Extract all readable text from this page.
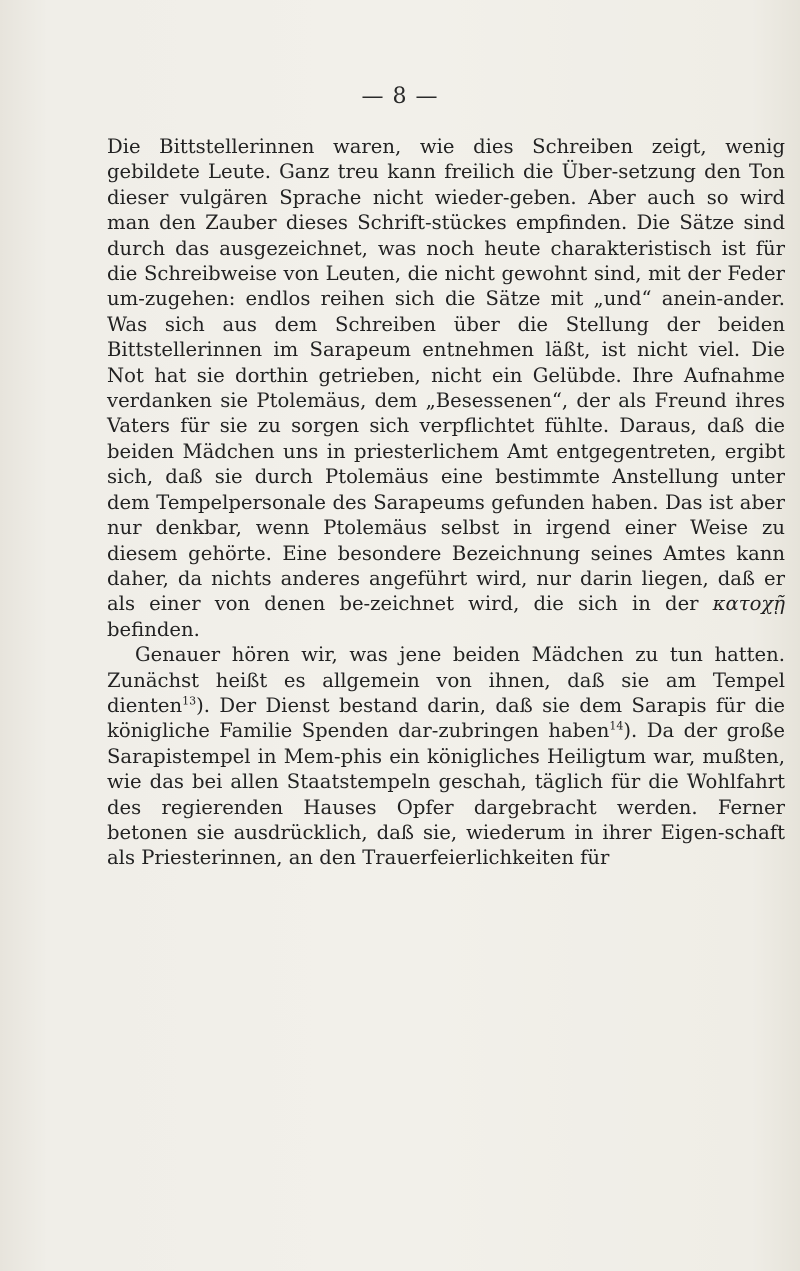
— 8 —

Die Bittstellerinnen waren, wie dies Schreiben zeigt, wenig gebildete Leute. Ganz treu kann freilich die Über-setzung den Ton dieser vulgären Sprache nicht wieder-geben. Aber auch so wird man den Zauber dieses Schrift-stückes empfinden. Die Sätze sind durch das ausgezeichnet, was noch heute charakteristisch ist für die Schreibweise von Leuten, die nicht gewohnt sind, mit der Feder um-zugehen: endlos reihen sich die Sätze mit „und“ anein-ander. Was sich aus dem Schreiben über die Stellung der beiden Bittstellerinnen im Sarapeum entnehmen läßt, ist nicht viel. Die Not hat sie dorthin getrieben, nicht ein Gelübde. Ihre Aufnahme verdanken sie Ptolemäus, dem „Besessenen“, der als Freund ihres Vaters für sie zu sorgen sich verpflichtet fühlte. Daraus, daß die beiden Mädchen uns in priesterlichem Amt entgegentreten, ergibt sich, daß sie durch Ptolemäus eine bestimmte Anstellung unter dem Tempelpersonale des Sarapeums gefunden haben. Das ist aber nur denkbar, wenn Ptolemäus selbst in irgend einer Weise zu diesem gehörte. Eine besondere Bezeichnung seines Amtes kann daher, da nichts anderes angeführt wird, nur darin liegen, daß er als einer von denen be-zeichnet wird, die sich in der κατοχῇ befinden.

Genauer hören wir, was jene beiden Mädchen zu tun hatten. Zunächst heißt es allgemein von ihnen, daß sie am Tempel dienten$^{13}$). Der Dienst bestand darin, daß sie dem Sarapis für die königliche Familie Spenden dar-zubringen haben$^{14}$). Da der große Sarapistempel in Mem-phis ein königliches Heiligtum war, mußten, wie das bei allen Staatstempeln geschah, täglich für die Wohlfahrt des regierenden Hauses Opfer dargebracht werden. Ferner betonen sie ausdrücklich, daß sie, wiederum in ihrer Eigen-schaft als Priesterinnen, an den Trauerfeierlichkeiten für
